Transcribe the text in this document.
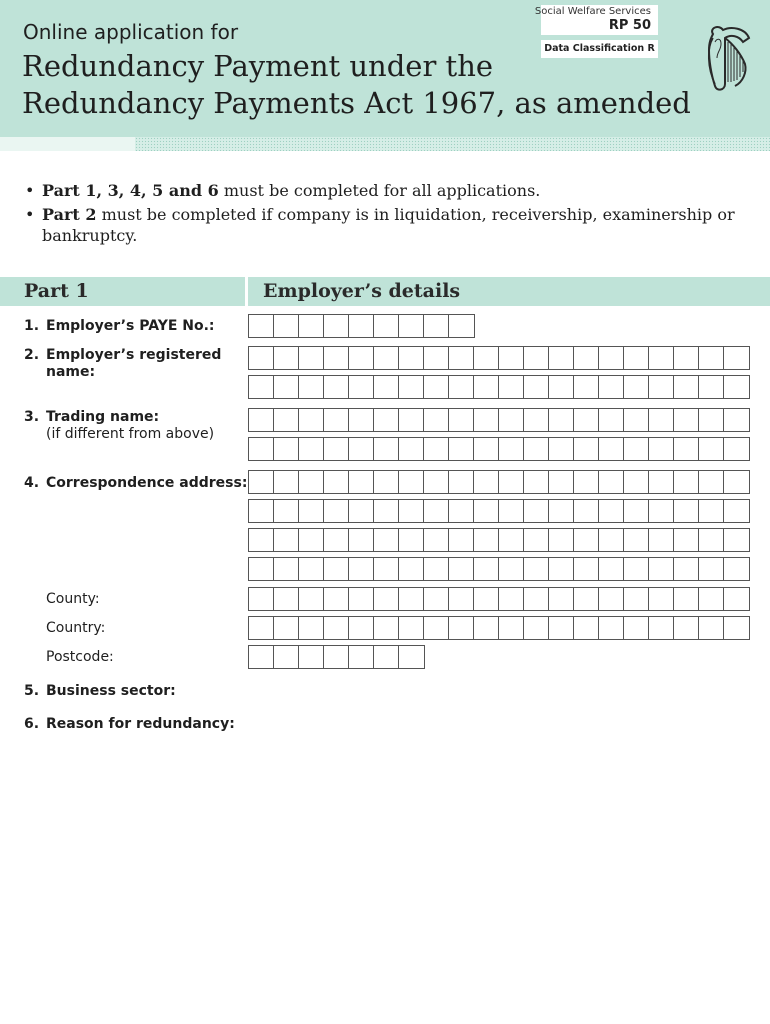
Online application for
Redundancy Payment under the
Redundancy Payments Act 1967, as amended
Social Welfare Services
RP 50
Data Classification R
• Part 1, 3, 4, 5 and 6 must be completed for all applications.
• Part 2 must be completed if company is in liquidation, receivership, examinership or bankruptcy.
Part 1	Employer’s details
1. Employer’s PAYE No.:
2. Employer’s registered
name:
3. Trading name:
(if different from above)
4. Correspondence address:
County:
Country:
Postcode:
5. Business sector:
6. Reason for redundancy:
